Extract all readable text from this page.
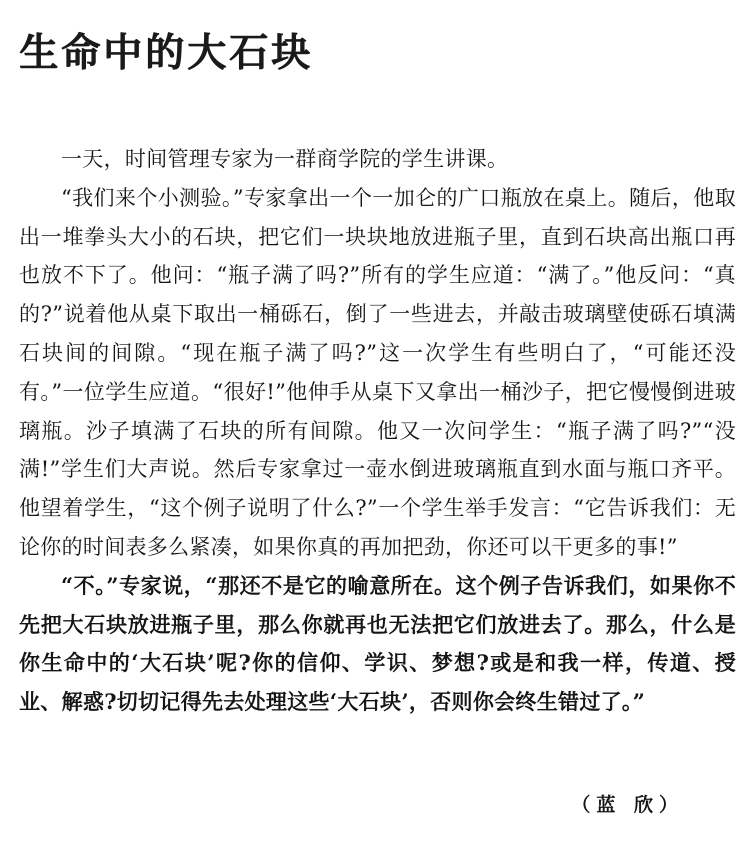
生命中的大石块

一天，时间管理专家为一群商学院的学生讲课。

“我们来个小测验。”专家拿出一个一加仑的广口瓶放在桌上。随后，他取出一堆拳头大小的石块，把它们一块块地放进瓶子里，直到石块高出瓶口再也放不下了。他问：“瓶子满了吗?”所有的学生应道：“满了。”他反问：“真的?”说着他从桌下取出一桶砾石，倒了一些进去，并敲击玻璃壁使砾石填满石块间的间隙。“现在瓶子满了吗?”这一次学生有些明白了，“可能还没有。”一位学生应道。“很好!”他伸手从桌下又拿出一桶沙子，把它慢慢倒进玻璃瓶。沙子填满了石块的所有间隙。他又一次问学生：“瓶子满了吗?”“没满!”学生们大声说。然后专家拿过一壶水倒进玻璃瓶直到水面与瓶口齐平。他望着学生，“这个例子说明了什么?”一个学生举手发言：“它告诉我们：无论你的时间表多么紧凑，如果你真的再加把劲，你还可以干更多的事!”

“不。”专家说，“那还不是它的喻意所在。这个例子告诉我们，如果你不先把大石块放进瓶子里，那么你就再也无法把它们放进去了。那么，什么是你生命中的‘大石块’呢?你的信仰、学识、梦想?或是和我一样，传道、授业、解惑?切切记得先去处理这些‘大石块’，否则你会终生错过了。”

（蓝 欣）
